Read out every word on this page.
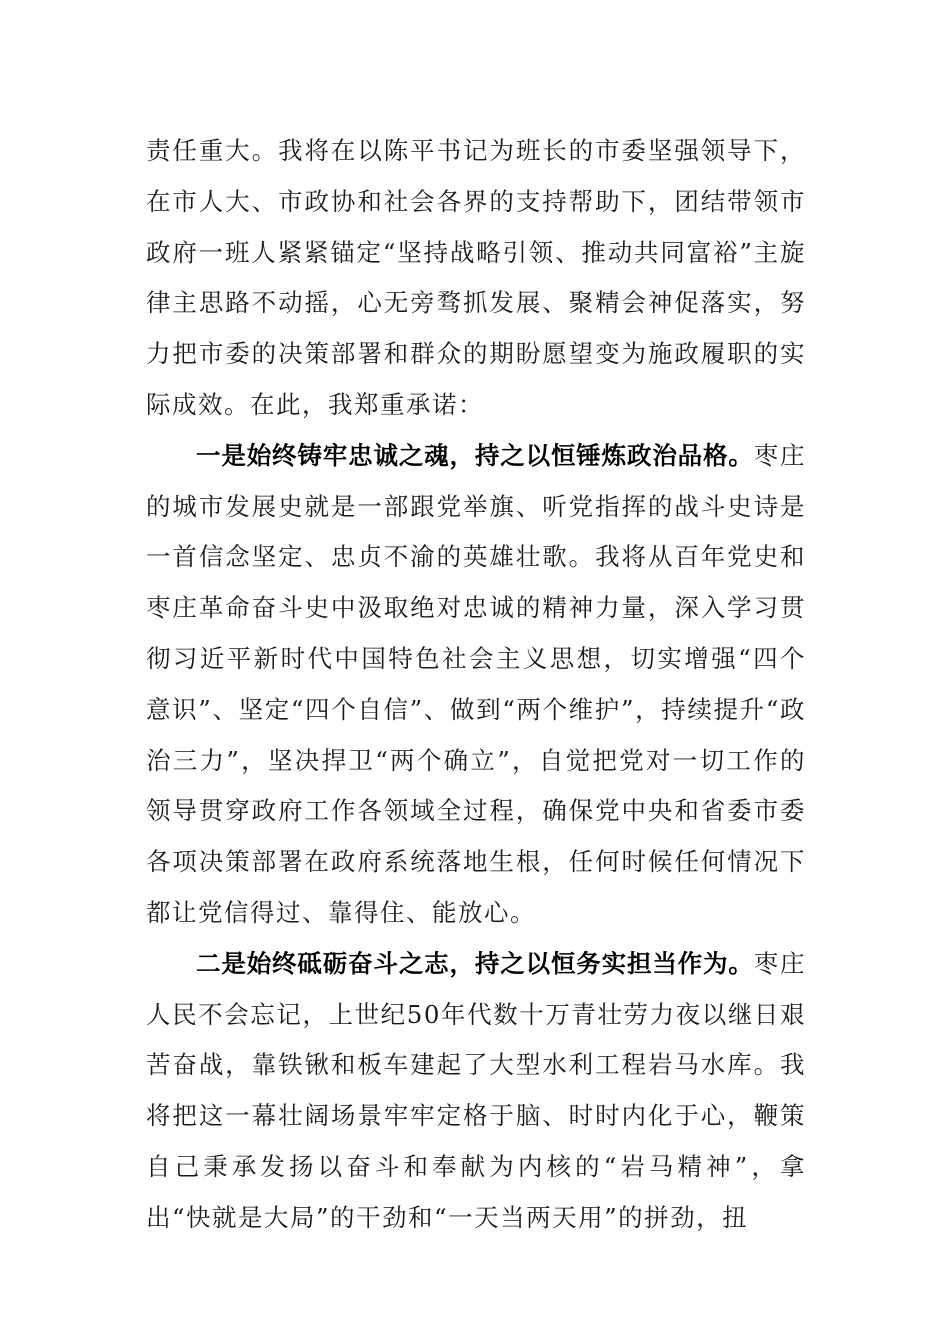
责任重大。我将在以陈平书记为班长的市委坚强领导下，在市人大、市政协和社会各界的支持帮助下，团结带领市政府一班人紧紧锚定“坚持战略引领、推动共同富裕”主旋律主思路不动摇，心无旁骛抓发展、聚精会神促落实，努力把市委的决策部署和群众的期盼愿望变为施政履职的实际成效。在此，我郑重承诺：

一是始终铸牢忠诚之魂，持之以恒锤炼政治品格。枣庄的城市发展史就是一部跟党举旗、听党指挥的战斗史诗是一首信念坚定、忠贞不渝的英雄壮歌。我将从百年党史和枣庄革命奋斗史中汲取绝对忠诚的精神力量，深入学习贯彻习近平新时代中国特色社会主义思想，切实增强“四个意识”、坚定“四个自信”、做到“两个维护”，持续提升“政治三力”，坚决捍卫“两个确立”，自觉把党对一切工作的领导贯穿政府工作各领域全过程，确保党中央和省委市委各项决策部署在政府系统落地生根，任何时候任何情况下都让党信得过、靠得住、能放心。

二是始终砥砺奋斗之志，持之以恒务实担当作为。枣庄人民不会忘记，上世纪50年代数十万青壮劳力夜以继日艰苦奋战，靠铁锹和板车建起了大型水利工程岩马水库。我将把这一幕壮阔场景牢牢定格于脑、时时内化于心，鞭策自己秉承发扬以奋斗和奉献为内核的“岩马精神”，拿出“快就是大局”的干劲和“一天当两天用”的拼劲，扭
